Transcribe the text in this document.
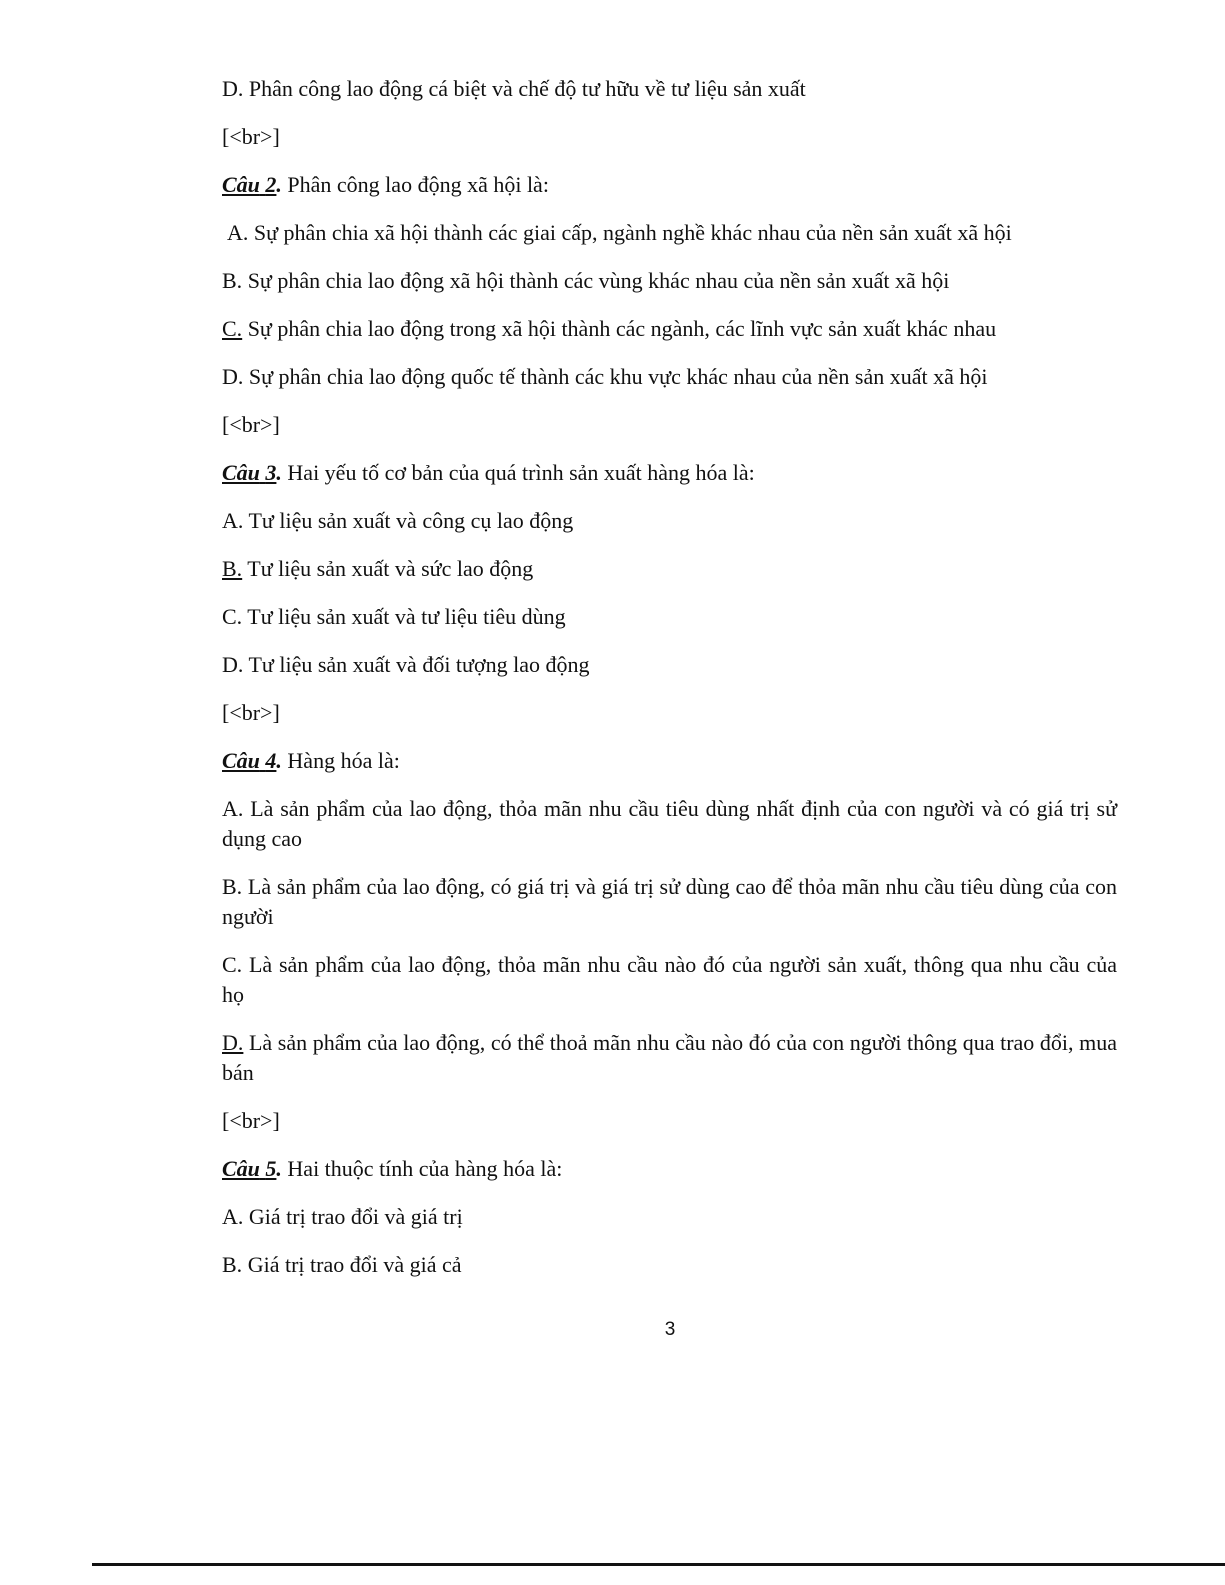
D. Phân công lao động cá biệt và chế độ tư hữu về tư liệu sản xuất

[<br>]

Câu 2. Phân công lao động xã hội là:

A. Sự phân chia xã hội thành các giai cấp, ngành nghề khác nhau của nền sản xuất xã hội

B. Sự phân chia lao động xã hội thành các vùng khác nhau của nền sản xuất xã hội

C. Sự phân chia lao động trong xã hội thành các ngành, các lĩnh vực sản xuất khác nhau

D. Sự phân chia lao động quốc tế thành các khu vực khác nhau của nền sản xuất xã hội

[<br>]

Câu 3. Hai yếu tố cơ bản của quá trình sản xuất hàng hóa là:

A. Tư liệu sản xuất và công cụ lao động

B. Tư liệu sản xuất và sức lao động

C. Tư liệu sản xuất và tư liệu tiêu dùng

D. Tư liệu sản xuất và đối tượng lao động

[<br>]

Câu 4. Hàng hóa là:

A. Là sản phẩm của lao động, thỏa mãn nhu cầu tiêu dùng nhất định của con người và có giá trị sử dụng cao

B. Là sản phẩm của lao động, có giá trị và giá trị sử dùng cao để thỏa mãn nhu cầu tiêu dùng của con người

C. Là sản phẩm của lao động, thỏa mãn nhu cầu nào đó của người sản xuất, thông qua nhu cầu của họ

D. Là sản phẩm của lao động, có thể thoả mãn nhu cầu nào đó của con người thông qua trao đổi, mua bán

[<br>]

Câu 5. Hai thuộc tính của hàng hóa là:

A. Giá trị trao đổi và giá trị

B. Giá trị trao đổi và giá cả

3
